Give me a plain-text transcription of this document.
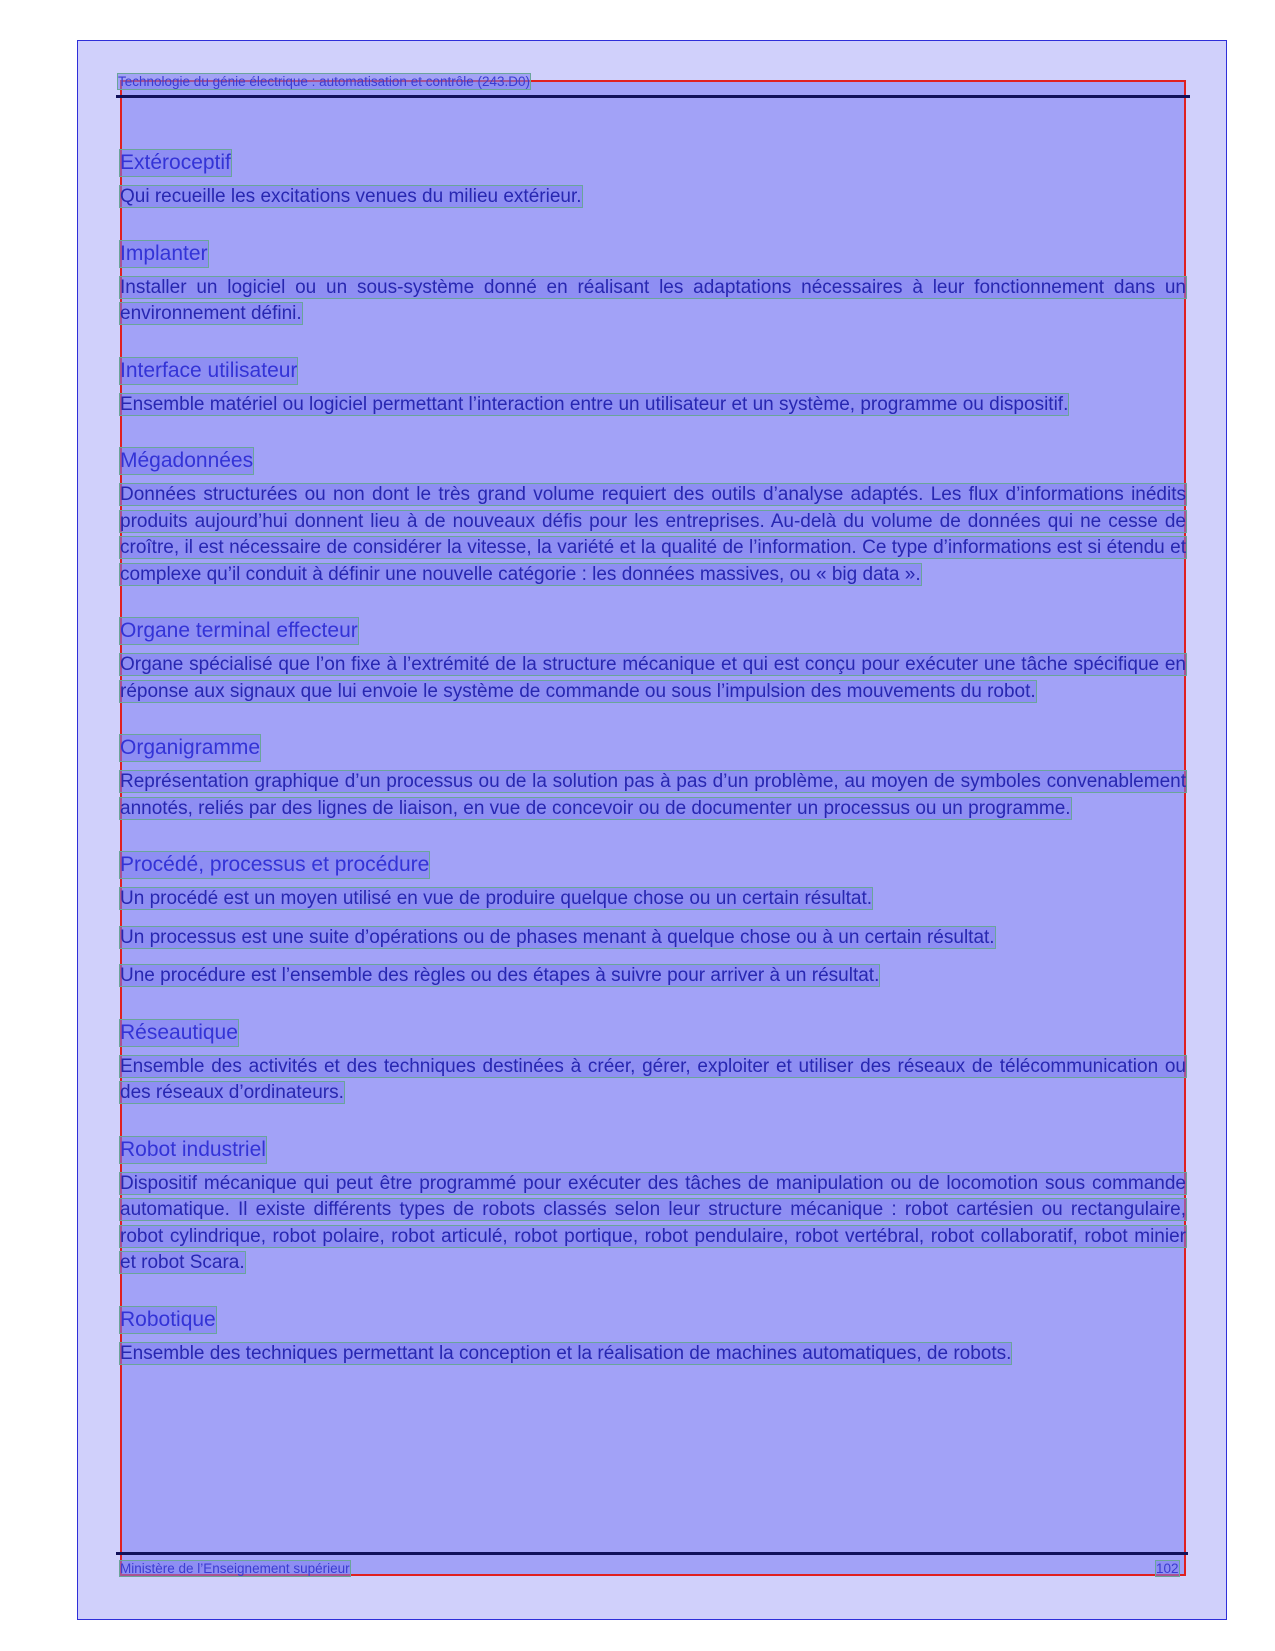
Technologie du génie électrique : automatisation et contrôle (243.D0)
Extéroceptif
Qui recueille les excitations venues du milieu extérieur.
Implanter
Installer un logiciel ou un sous-système donné en réalisant les adaptations nécessaires à leur fonctionnement dans un environnement défini.
Interface utilisateur
Ensemble matériel ou logiciel permettant l’interaction entre un utilisateur et un système, programme ou dispositif.
Mégadonnées
Données structurées ou non dont le très grand volume requiert des outils d’analyse adaptés. Les flux d’informations inédits produits aujourd’hui donnent lieu à de nouveaux défis pour les entreprises. Au-delà du volume de données qui ne cesse de croître, il est nécessaire de considérer la vitesse, la variété et la qualité de l’information. Ce type d’informations est si étendu et complexe qu’il conduit à définir une nouvelle catégorie : les données massives, ou « big data ».
Organe terminal effecteur
Organe spécialisé que l’on fixe à l’extrémité de la structure mécanique et qui est conçu pour exécuter une tâche spécifique en réponse aux signaux que lui envoie le système de commande ou sous l’impulsion des mouvements du robot.
Organigramme
Représentation graphique d’un processus ou de la solution pas à pas d’un problème, au moyen de symboles convenablement annotés, reliés par des lignes de liaison, en vue de concevoir ou de documenter un processus ou un programme.
Procédé, processus et procédure
Un procédé est un moyen utilisé en vue de produire quelque chose ou un certain résultat.
Un processus est une suite d’opérations ou de phases menant à quelque chose ou à un certain résultat.
Une procédure est l’ensemble des règles ou des étapes à suivre pour arriver à un résultat.
Réseautique
Ensemble des activités et des techniques destinées à créer, gérer, exploiter et utiliser des réseaux de télécommunication ou des réseaux d’ordinateurs.
Robot industriel
Dispositif mécanique qui peut être programmé pour exécuter des tâches de manipulation ou de locomotion sous commande automatique. Il existe différents types de robots classés selon leur structure mécanique : robot cartésien ou rectangulaire, robot cylindrique, robot polaire, robot articulé, robot portique, robot pendulaire, robot vertébral, robot collaboratif, robot minier et robot Scara.
Robotique
Ensemble des techniques permettant la conception et la réalisation de machines automatiques, de robots.
Ministère de l’Enseignement supérieur	102
